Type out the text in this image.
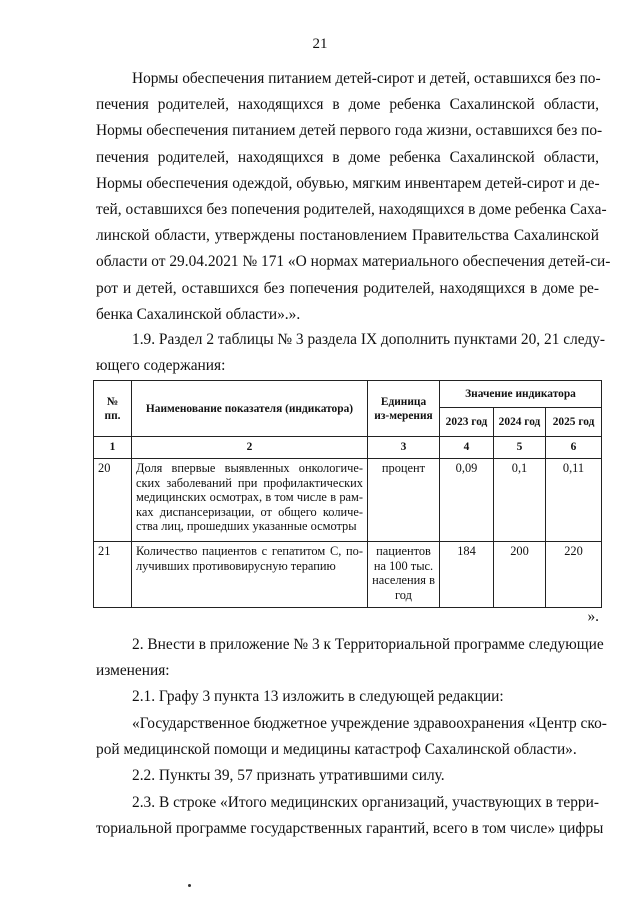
21
Нормы обеспечения питанием детей-сирот и детей, оставшихся без по-
печения родителей, находящихся в доме ребенка Сахалинской области,
Нормы обеспечения питанием детей первого года жизни, оставшихся без по-
печения родителей, находящихся в доме ребенка Сахалинской области,
Нормы обеспечения одеждой, обувью, мягким инвентарем детей-сирот и де-
тей, оставшихся без попечения родителей, находящихся в доме ребенка Саха-
линской области, утверждены постановлением Правительства Сахалинской
области от 29.04.2021 № 171 «О нормах материального обеспечения детей-си-
рот и детей, оставшихся без попечения родителей, находящихся в доме ре-
бенка Сахалинской области».».
1.9. Раздел 2 таблицы № 3 раздела IX дополнить пунктами 20, 21 следу-
ющего содержания:
№ пп.	Наименование показателя (индикатора)	Единица из-мерения	Значение индикатора		
			2023 год	2024 год	2025 год
1	2	3	4	5	6
20	Доля впервые выявленных онкологиче-ских заболеваний при профилактических медицинских осмотрах, в том числе в рам-ках диспансеризации, от общего количе-ства лиц, прошедших указанные осмотры	процент	0,09	0,1	0,11
21	Количество пациентов с гепатитом С, по-лучивших противовирусную терапию	пациентов на 100 тыс. населения в год	184	200	220
».
2. Внести в приложение № 3 к Территориальной программе следующие
изменения:
2.1. Графу 3 пункта 13 изложить в следующей редакции:
«Государственное бюджетное учреждение здравоохранения «Центр ско-
рой медицинской помощи и медицины катастроф Сахалинской области».
2.2. Пункты 39, 57 признать утратившими силу.
2.3. В строке «Итого медицинских организаций, участвующих в терри-
ториальной программе государственных гарантий, всего в том числе» цифры
